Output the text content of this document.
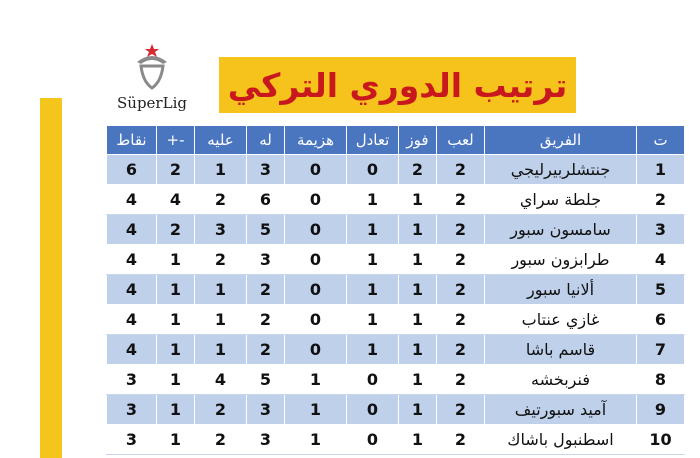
SüperLig	ترتيب الدوري التركي
نقاط	+-	عليه	له	هزيمة	تعادل	فوز	لعب	الفريق	ت
6	2	1	3	0	0	2	2	جنتشلربيرليجي	1
4	4	2	6	0	1	1	2	جلطة سراي	2
4	2	3	5	0	1	1	2	سامسون سبور	3
4	1	2	3	0	1	1	2	طرابزون سبور	4
4	1	1	2	0	1	1	2	ألانيا سبور	5
4	1	1	2	0	1	1	2	غازي عنتاب	6
4	1	1	2	0	1	1	2	قاسم باشا	7
3	1	4	5	1	0	1	2	فنربخشه	8
3	1	2	3	1	0	1	2	آميد سبورتيف	9
3	1	2	3	1	0	1	2	اسطنبول باشاك	10
